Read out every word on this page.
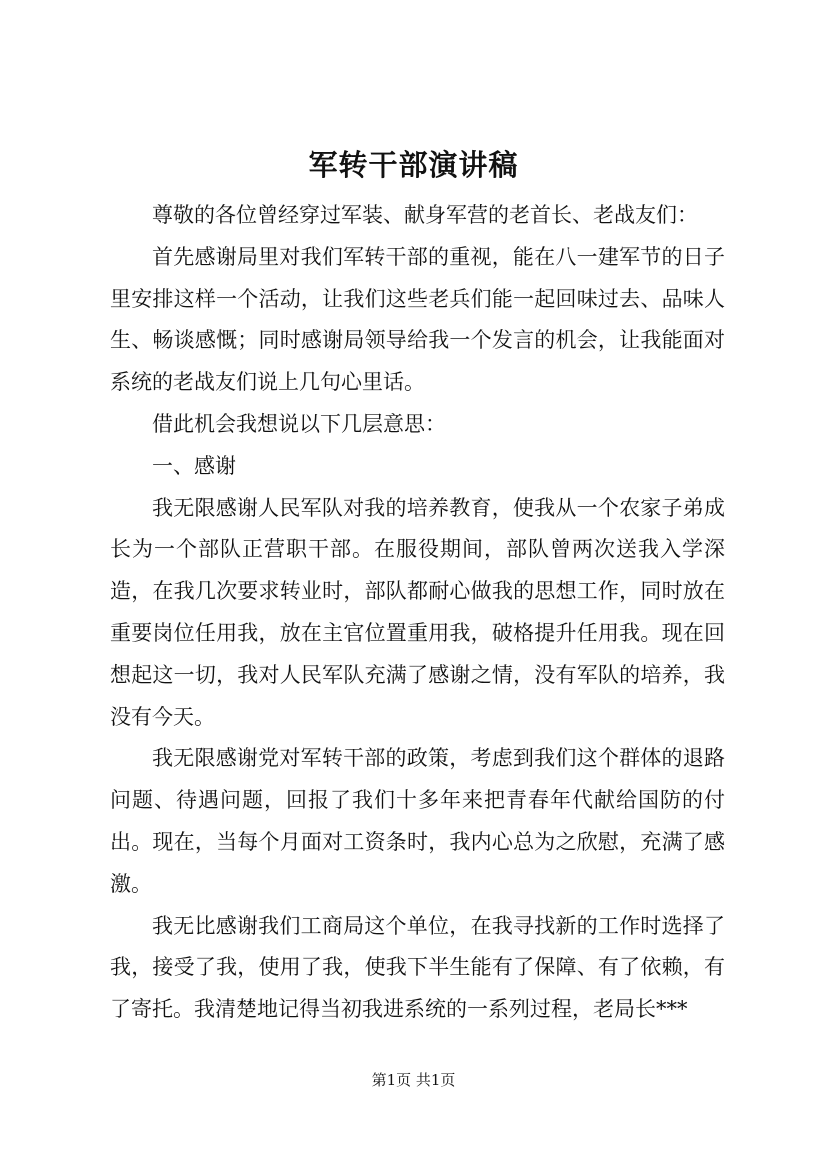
军转干部演讲稿

尊敬的各位曾经穿过军装、献身军营的老首长、老战友们：

首先感谢局里对我们军转干部的重视，能在八一建军节的日子里安排这样一个活动，让我们这些老兵们能一起回味过去、品味人生、畅谈感慨；同时感谢局领导给我一个发言的机会，让我能面对系统的老战友们说上几句心里话。

借此机会我想说以下几层意思：

一、感谢

我无限感谢人民军队对我的培养教育，使我从一个农家子弟成长为一个部队正营职干部。在服役期间，部队曾两次送我入学深造，在我几次要求转业时，部队都耐心做我的思想工作，同时放在重要岗位任用我，放在主官位置重用我，破格提升任用我。现在回想起这一切，我对人民军队充满了感谢之情，没有军队的培养，我没有今天。

我无限感谢党对军转干部的政策，考虑到我们这个群体的退路问题、待遇问题，回报了我们十多年来把青春年代献给国防的付出。现在，当每个月面对工资条时，我内心总为之欣慰，充满了感激。

我无比感谢我们工商局这个单位，在我寻找新的工作时选择了我，接受了我，使用了我，使我下半生能有了保障、有了依赖，有了寄托。我清楚地记得当初我进系统的一系列过程，老局长***

第1页 共1页
